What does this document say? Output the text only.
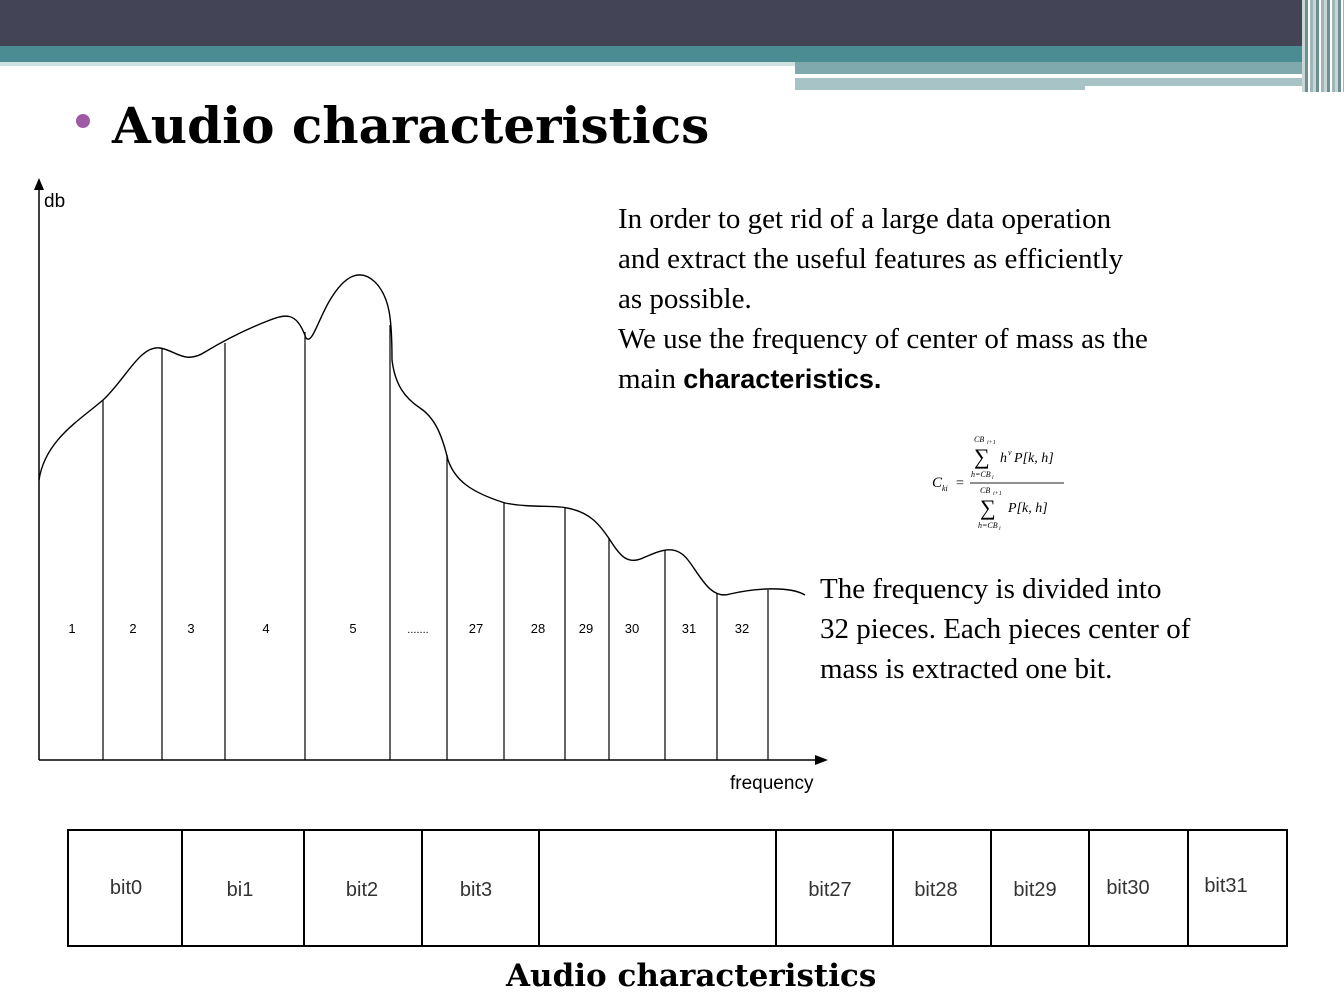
Audio characteristics
In order to get rid of a large data operation
and extract the useful features as efficiently
as possible.
We use the frequency of center of mass as the
main characteristics.
C ki =
CB i+1
∑
h=CB i
h v P[k, h]
CB i+1
∑
h=CB i
P[k, h]
The frequency is divided into
32 pieces. Each pieces center of
mass is extracted one bit.
db
frequency
1	2	3	4	5	.......	27	28	29 30	31	32
bit0	bi1	bit2	bit3	bit27	bit28	bit29 bit30	bit31
Audio characteristics
